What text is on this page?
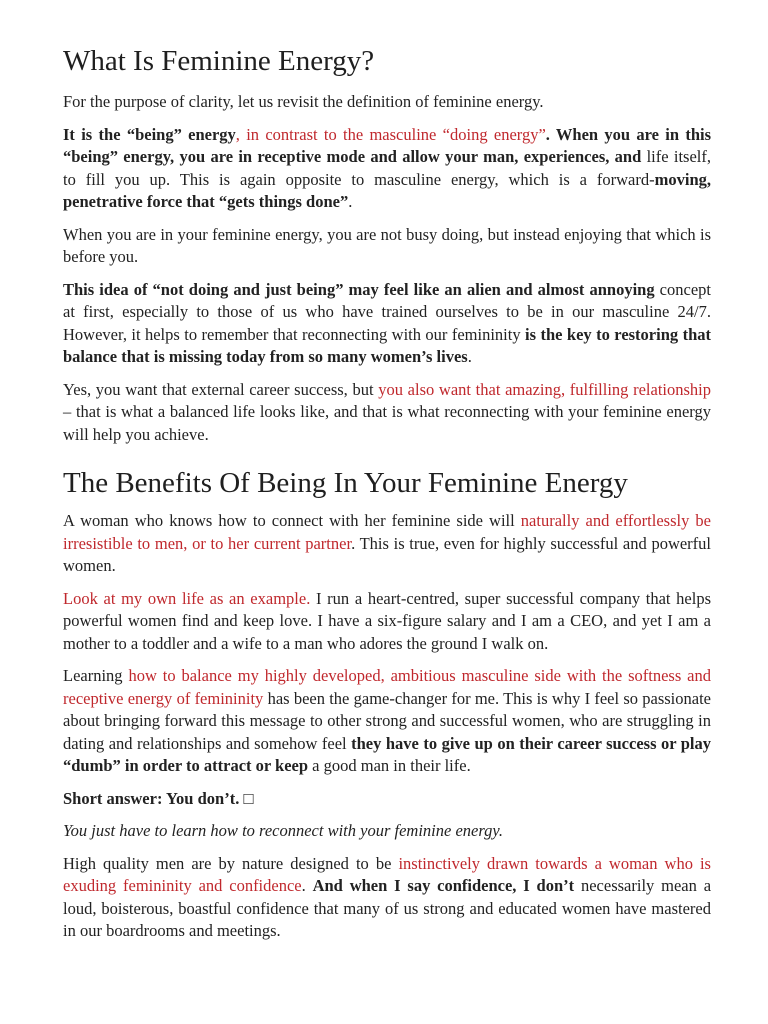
What Is Feminine Energy?

For the purpose of clarity, let us revisit the definition of feminine energy.

It is the “being” energy, in contrast to the masculine “doing energy”. When you are in this “being” energy, you are in receptive mode and allow your man, experiences, and life itself, to fill you up. This is again opposite to masculine energy, which is a forward-moving, penetrative force that “gets things done”.

When you are in your feminine energy, you are not busy doing, but instead enjoying that which is before you.

This idea of “not doing and just being” may feel like an alien and almost annoying concept at first, especially to those of us who have trained ourselves to be in our masculine 24/7. However, it helps to remember that reconnecting with our femininity is the key to restoring that balance that is missing today from so many women’s lives.

Yes, you want that external career success, but you also want that amazing, fulfilling relationship – that is what a balanced life looks like, and that is what reconnecting with your feminine energy will help you achieve.

The Benefits Of Being In Your Feminine Energy

A woman who knows how to connect with her feminine side will naturally and effortlessly be irresistible to men, or to her current partner. This is true, even for highly successful and powerful women.

Look at my own life as an example. I run a heart-centred, super successful company that helps powerful women find and keep love. I have a six-figure salary and I am a CEO, and yet I am a mother to a toddler and a wife to a man who adores the ground I walk on.

Learning how to balance my highly developed, ambitious masculine side with the softness and receptive energy of femininity has been the game-changer for me. This is why I feel so passionate about bringing forward this message to other strong and successful women, who are struggling in dating and relationships and somehow feel they have to give up on their career success or play “dumb” in order to attract or keep a good man in their life.

Short answer: You don’t. □

You just have to learn how to reconnect with your feminine energy.

High quality men are by nature designed to be instinctively drawn towards a woman who is exuding femininity and confidence. And when I say confidence, I don’t necessarily mean a loud, boisterous, boastful confidence that many of us strong and educated women have mastered in our boardrooms and meetings.
